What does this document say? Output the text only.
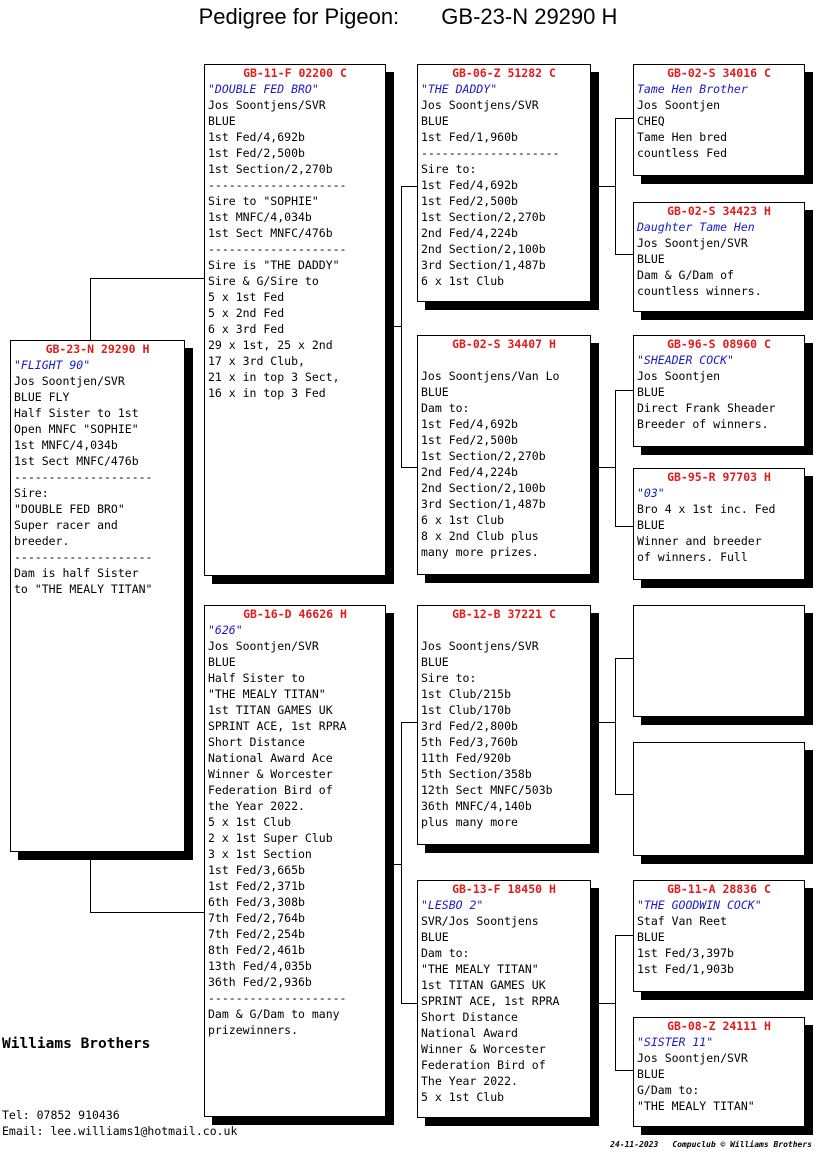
Pedigree for Pigeon: GB-23-N 29290 H
GB-23-N 29290 H
"FLIGHT 90"
Jos Soontjen/SVR
BLUE FLY
Half Sister to 1st
Open MNFC "SOPHIE"
1st MNFC/4,034b
1st Sect MNFC/476b
--------------------
Sire:
"DOUBLE FED BRO"
Super racer and
breeder.
--------------------
Dam is half Sister
to "THE MEALY TITAN"
GB-11-F 02200 C
"DOUBLE FED BRO"
Jos Soontjens/SVR
BLUE
1st Fed/4,692b
1st Fed/2,500b
1st Section/2,270b
--------------------
Sire to "SOPHIE"
1st MNFC/4,034b
1st Sect MNFC/476b
--------------------
Sire is "THE DADDY"
Sire & G/Sire to
5 x 1st Fed
5 x 2nd Fed
6 x 3rd Fed
29 x 1st, 25 x 2nd
17 x 3rd Club,
21 x in top 3 Sect,
16 x in top 3 Fed
GB-16-D 46626 H
"626"
Jos Soontjen/SVR
BLUE
Half Sister to
"THE MEALY TITAN"
1st TITAN GAMES UK
SPRINT ACE, 1st RPRA
Short Distance
National Award Ace
Winner & Worcester
Federation Bird of
the Year 2022.
5 x 1st Club
2 x 1st Super Club
3 x 1st Section
1st Fed/3,665b
1st Fed/2,371b
6th Fed/3,308b
7th Fed/2,764b
7th Fed/2,254b
8th Fed/2,461b
13th Fed/4,035b
36th Fed/2,936b
--------------------
Dam & G/Dam to many
prizewinners.
GB-06-Z 51282 C
"THE DADDY"
Jos Soontjens/SVR
BLUE
1st Fed/1,960b
--------------------
Sire to:
1st Fed/4,692b
1st Fed/2,500b
1st Section/2,270b
2nd Fed/4,224b
2nd Section/2,100b
3rd Section/1,487b
6 x 1st Club
GB-02-S 34407 H
Jos Soontjens/Van Lo
BLUE
Dam to:
1st Fed/4,692b
1st Fed/2,500b
1st Section/2,270b
2nd Fed/4,224b
2nd Section/2,100b
3rd Section/1,487b
6 x 1st Club
8 x 2nd Club plus
many more prizes.
GB-12-B 37221 C
Jos Soontjens/SVR
BLUE
Sire to:
1st Club/215b
1st Club/170b
3rd Fed/2,800b
5th Fed/3,760b
11th Fed/920b
5th Section/358b
12th Sect MNFC/503b
36th MNFC/4,140b
plus many more
GB-13-F 18450 H
"LESBO 2"
SVR/Jos Soontjens
BLUE
Dam to:
"THE MEALY TITAN"
1st TITAN GAMES UK
SPRINT ACE, 1st RPRA
Short Distance
National Award
Winner & Worcester
Federation Bird of
The Year 2022.
5 x 1st Club
GB-02-S 34016 C
Tame Hen Brother
Jos Soontjen
CHEQ
Tame Hen bred
countless Fed
GB-02-S 34423 H
Daughter Tame Hen
Jos Soontjen/SVR
BLUE
Dam & G/Dam of
countless winners.
GB-96-S 08960 C
"SHEADER COCK"
Jos Soontjen
BLUE
Direct Frank Sheader
Breeder of winners.
GB-95-R 97703 H
"03"
Bro 4 x 1st inc. Fed
BLUE
Winner and breeder
of winners. Full
GB-11-A 28836 C
"THE GOODWIN COCK"
Staf Van Reet
BLUE
1st Fed/3,397b
1st Fed/1,903b
GB-08-Z 24111 H
"SISTER 11"
Jos Soontjen/SVR
BLUE
G/Dam to:
"THE MEALY TITAN"
Williams Brothers
Tel: 07852 910436
Email: lee.williams1@hotmail.co.uk
24-11-2023 Compuclub © Williams Brothers
